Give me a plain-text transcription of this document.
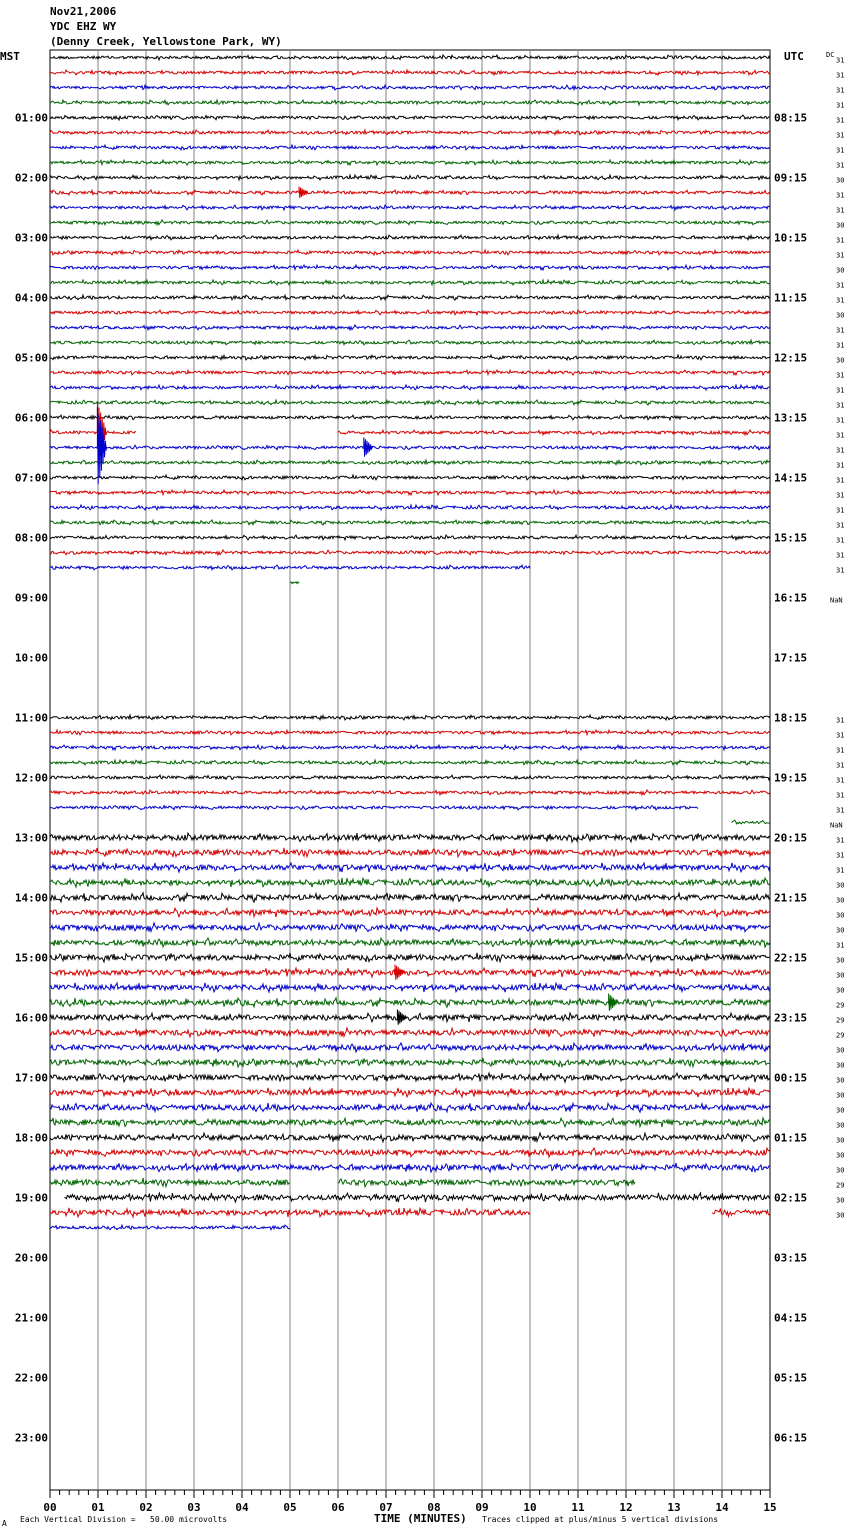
Nov21,2006
YDC EHZ WY
(Denny Creek, Yellowstone Park, WY)
MST	UTC
00	01	02	03	04	05	06	07	08	09	10	11	12	13	14	15
01:00
02:00
03:00
04:00
05:00
06:00
07:00
08:00
09:00
10:00
11:00
12:00
13:00
14:00
15:00
16:00
17:00
18:00
19:00
20:00
21:00
22:00
23:00
08:15
09:15
10:15
11:15
12:15
13:15
14:15
15:15
16:15
17:15
18:15
19:15
20:15
21:15
22:15
23:15
00:15
01:15
02:15
03:15
04:15
05:15
06:15
DC
31
31
31
31
31
31
31
31
30
31
31
30
31
31
30
31
31
30
31
31
30
31
31
31
31
31
31
31
31
31
31
31
31
31
31
NaN
31
31
31
31
31
31
31
NaN
31
31
31
30
30
30
30
31
30
30
30
29
29
29
30
30
30
30
30
30
30
30
30
29
30
30
A Each Vertical Division =   50.00 microvolts	TIME (MINUTES) Traces clipped at plus/minus 5 vertical divisions
